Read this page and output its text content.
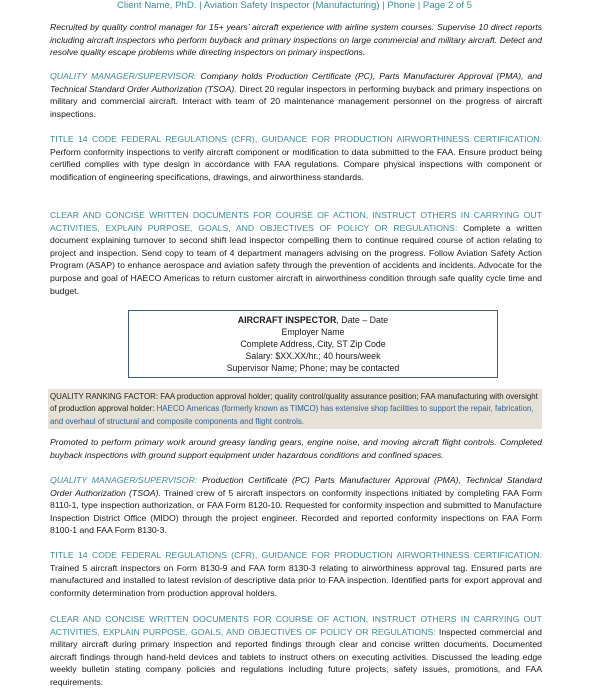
Client Name, PhD. | Aviation Safety Inspector (Manufacturing) | Phone | Page 2 of 5

Recruited by quality control manager for 15+ years’ aircraft experience with airline system courses. Supervise 10 direct reports including aircraft inspectors who perform buyback and primary inspections on large commercial and military aircraft. Detect and resolve quality escape problems while directing inspectors on primary inspections.

QUALITY MANAGER/SUPERVISOR: Company holds Production Certificate (PC), Parts Manufacturer Approval (PMA), and Technical Standard Order Authorization (TSOA). Direct 20 regular inspectors in performing buyback and primary inspections on military and commercial aircraft. Interact with team of 20 maintenance management personnel on the progress of aircraft inspections.

TITLE 14 CODE FEDERAL REGULATIONS (CFR), GUIDANCE FOR PRODUCTION AIRWORTHINESS CERTIFICATION: Perform conformity inspections to verify aircraft component or modification to data submitted to the FAA. Ensure product being certified complies with type design in accordance with FAA regulations. Compare physical inspections with component or modification of engineering specifications, drawings, and airworthiness standards.

CLEAR AND CONCISE WRITTEN DOCUMENTS FOR COURSE OF ACTION, INSTRUCT OTHERS IN CARRYING OUT ACTIVITIES, EXPLAIN PURPOSE, GOALS, AND OBJECTIVES OF POLICY OR REGULATIONS: Complete a written document explaining turnover to second shift lead inspector compelling them to continue required course of action relating to project and inspection. Send copy to team of 4 department managers advising on the progress. Follow Aviation Safety Action Program (ASAP) to enhance aerospace and aviation safety through the prevention of accidents and incidents. Advocate for the purpose and goal of HAECO Americas to return customer aircraft in airworthiness condition through safe quality cycle time and budget.

AIRCRAFT INSPECTOR, Date – Date
Employer Name
Complete Address, City, ST Zip Code
Salary: $XX.XX/hr.; 40 hours/week
Supervisor Name; Phone; may be contacted
QUALITY RANKING FACTOR: FAA production approval holder; quality control/quality assurance position; FAA manufacturing with oversight of production approval holder: HAECO Americas (formerly known as TIMCO) has extensive shop facilities to support the repair, fabrication, and overhaul of structural and composite components and flight controls.

Promoted to perform primary work around greasy landing gears, engine noise, and moving aircraft flight controls. Completed buyback inspections with ground support equipment under hazardous conditions and confined spaces.

QUALITY MANAGER/SUPERVISOR: Production Certificate (PC) Parts Manufacturer Approval (PMA), Technical Standard Order Authorization (TSOA). Trained crew of 5 aircraft inspectors on conformity inspections initiated by completing FAA Form 8110-1, type inspection authorization, or FAA Form 8120-10. Requested for conformity inspection and submitted to Manufacture Inspection District Office (MIDO) through the project engineer. Recorded and reported conformity inspections on FAA Form 8100-1 and FAA Form 8130-3.

TITLE 14 CODE FEDERAL REGULATIONS (CFR), GUIDANCE FOR PRODUCTION AIRWORTHINESS CERTIFICATION: Trained 5 aircraft inspectors on Form 8130-9 and FAA form 8130-3 relating to airworthiness approval tag. Ensured parts are manufactured and installed to latest revision of descriptive data prior to FAA inspection. Identified parts for export approval and conformity determination from production approval holders.

CLEAR AND CONCISE WRITTEN DOCUMENTS FOR COURSE OF ACTION, INSTRUCT OTHERS IN CARRYING OUT ACTIVITIES, EXPLAIN PURPOSE, GOALS, AND OBJECTIVES OF POLICY OR REGULATIONS: Inspected commercial and military aircraft during primary inspection and reported findings through clear and concise written documents. Documented aircraft findings through hand-held devices and tablets to instruct others on executing activities. Discussed the leading edge weekly bulletin stating company policies and regulations including future projects, safety issues, promotions, and FAA requirements.
